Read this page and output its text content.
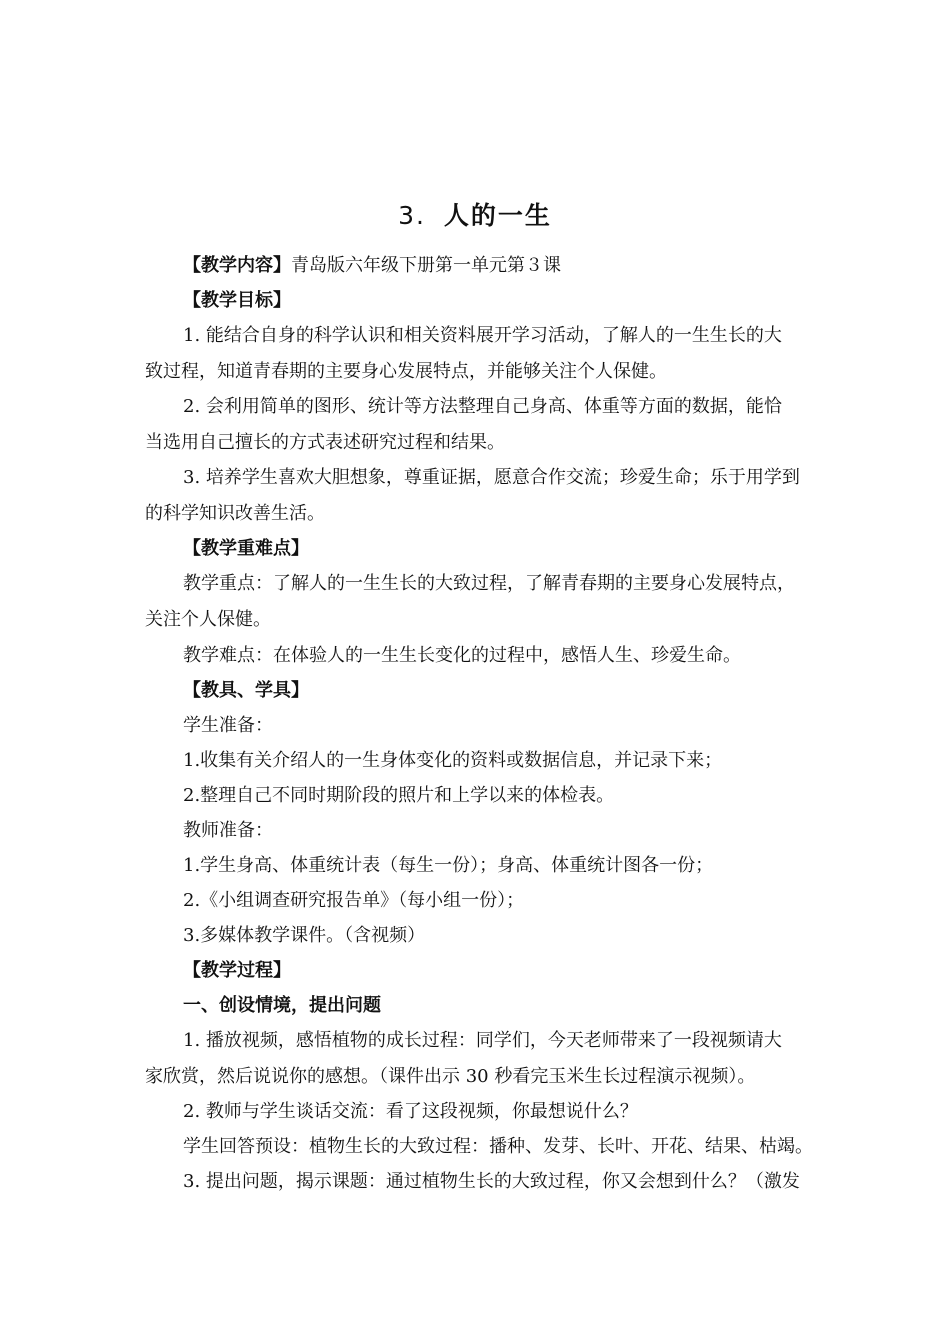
3. 人的一生
【教学内容】青岛版六年级下册第一单元第３课
【教学目标】
1. 能结合自身的科学认识和相关资料展开学习活动，了解人的一生生长的大
致过程，知道青春期的主要身心发展特点，并能够关注个人保健。
2. 会利用简单的图形、统计等方法整理自己身高、体重等方面的数据，能恰
当选用自己擅长的方式表述研究过程和结果。
3. 培养学生喜欢大胆想象，尊重证据，愿意合作交流；珍爱生命；乐于用学到
的科学知识改善生活。
【教学重难点】
教学重点：了解人的一生生长的大致过程，了解青春期的主要身心发展特点，
关注个人保健。
教学难点：在体验人的一生生长变化的过程中，感悟人生、珍爱生命。
【教具、学具】
学生准备：
1.收集有关介绍人的一生身体变化的资料或数据信息，并记录下来；
2.整理自己不同时期阶段的照片和上学以来的体检表。
教师准备：
1.学生身高、体重统计表（每生一份）；身高、体重统计图各一份；
2.《小组调查研究报告单》（每小组一份）；
3.多媒体教学课件。（含视频）
【教学过程】
一、创设情境，提出问题
1. 播放视频，感悟植物的成长过程：同学们，今天老师带来了一段视频请大
家欣赏，然后说说你的感想。（课件出示 30 秒看完玉米生长过程演示视频）。
2. 教师与学生谈话交流：看了这段视频，你最想说什么？
学生回答预设：植物生长的大致过程：播种、发芽、长叶、开花、结果、枯竭。
3. 提出问题，揭示课题：通过植物生长的大致过程，你又会想到什么？（激发
